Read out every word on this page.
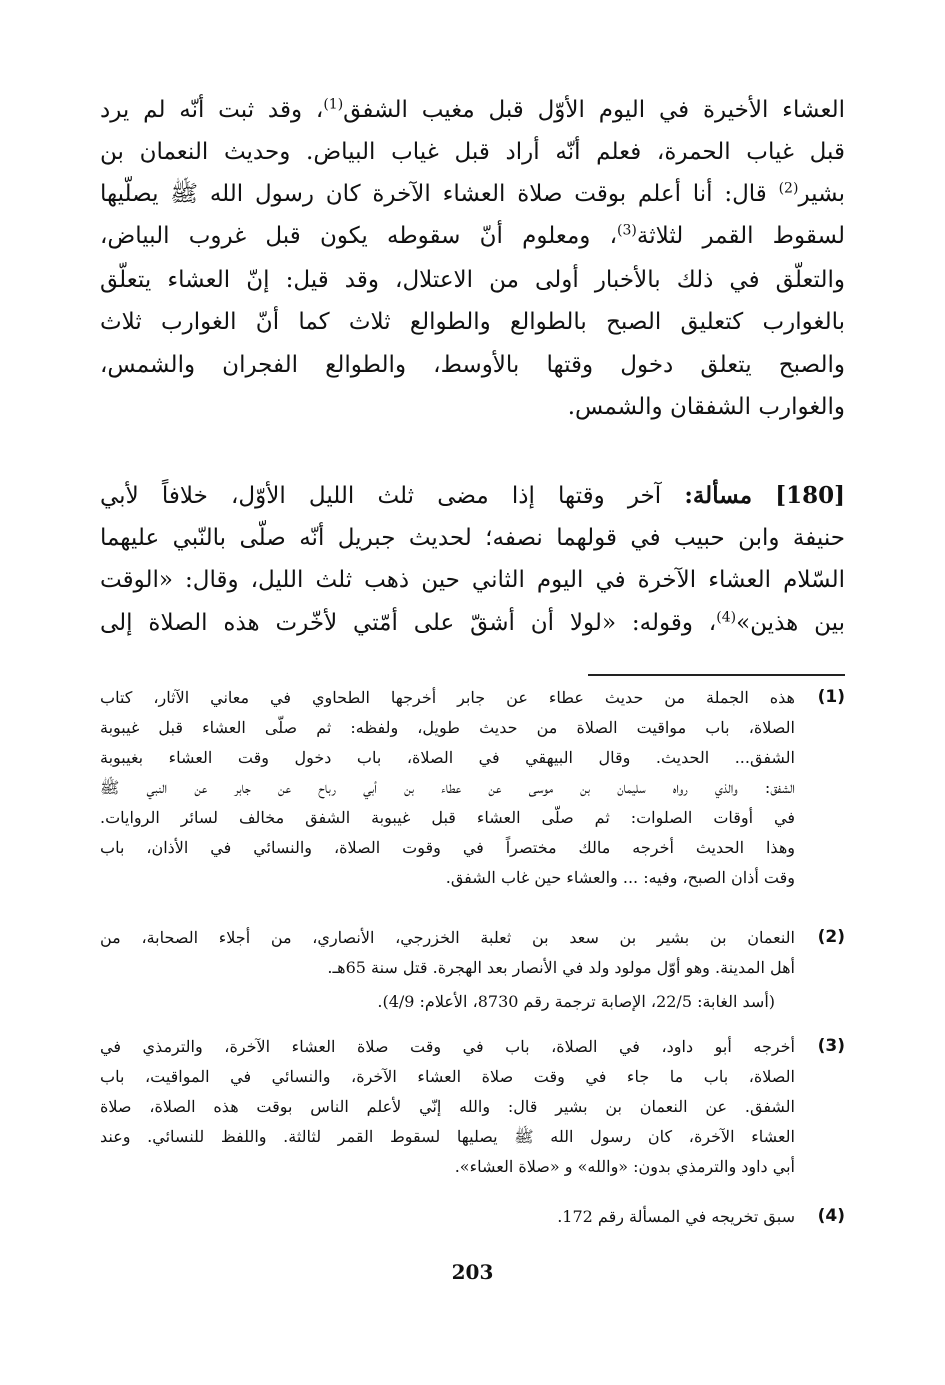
العشاء الأخيرة في اليوم الأوّل قبل مغيب الشفق$^{(1)}$، وقد ثبت أنّه لم يرد
قبل غياب الحمرة، فعلم أنّه أراد قبل غياب البياض. وحديث النعمان بن
بشير$^{(2)}$ قال: أنا أعلم بوقت صلاة العشاء الآخرة كان رسول الله ﷺ يصلّيها
لسقوط القمر لثلاثة$^{(3)}$، ومعلوم أنّ سقوطه يكون قبل غروب البياض،
والتعلّق في ذلك بالأخبار أولى من الاعتلال، وقد قيل: إنّ العشاء يتعلّق
بالغوارب كتعليق الصبح بالطوالع والطوالع ثلاث كما أنّ الغوارب ثلاث
والصبح يتعلق دخول وقتها بالأوسط، والطوالع الفجران والشمس،
والغوارب الشفقان والشمس.
[180] مسألة: آخر وقتها إذا مضى ثلث الليل الأوّل، خلافاً لأبي
حنيفة وابن حبيب في قولهما نصفه؛ لحديث جبريل أنّه صلّى بالنّبي عليهما
السّلام العشاء الآخرة في اليوم الثاني حين ذهب ثلث الليل، وقال: «الوقت
بين هذين»$^{(4)}$، وقوله: «لولا أن أشقّ على أمّتي لأخّرت هذه الصلاة إلى
(1)
هذه الجملة من حديث عطاء عن جابر أخرجها الطحاوي في معاني الآثار، كتاب
الصلاة، باب مواقيت الصلاة من حديث طويل، ولفظه: ثم صلّى العشاء قبل غيبوبة
الشفق... الحديث. وقال البيهقي في الصلاة، باب دخول وقت العشاء بغيبوبة
الشفق: والذي رواه سليمان بن موسى عن عطاء بن أبي رباح عن جابر عن النبي ﷺ
في أوقات الصلوات: ثم صلّى العشاء قبل غيبوبة الشفق مخالف لسائر الروايات.
وهذا الحديث أخرجه مالك مختصراً في وقوت الصلاة، والنسائي في الأذان، باب
وقت أذان الصبح، وفيه: ... والعشاء حين غاب الشفق.
(2)
النعمان بن بشير بن سعد بن ثعلبة الخزرجي، الأنصاري، من أجلاء الصحابة، من
أهل المدينة. وهو أوّل مولود ولد في الأنصار بعد الهجرة. قتل سنة 65هـ.
(أسد الغابة: 22/5، الإصابة ترجمة رقم 8730، الأعلام: 4/9).
(3)
أخرجه أبو داود، في الصلاة، باب في وقت صلاة العشاء الآخرة، والترمذي في
الصلاة، باب ما جاء في وقت صلاة العشاء الآخرة، والنسائي في المواقيت، باب
الشفق. عن النعمان بن بشير قال: والله إنّي لأعلم الناس بوقت هذه الصلاة، صلاة
العشاء الآخرة، كان رسول الله ﷺ يصليها لسقوط القمر لثالثة. واللفظ للنسائي. وعند
أبي داود والترمذي بدون: «والله» و «صلاة العشاء».
(4)
سبق تخريجه في المسألة رقم 172.
203
